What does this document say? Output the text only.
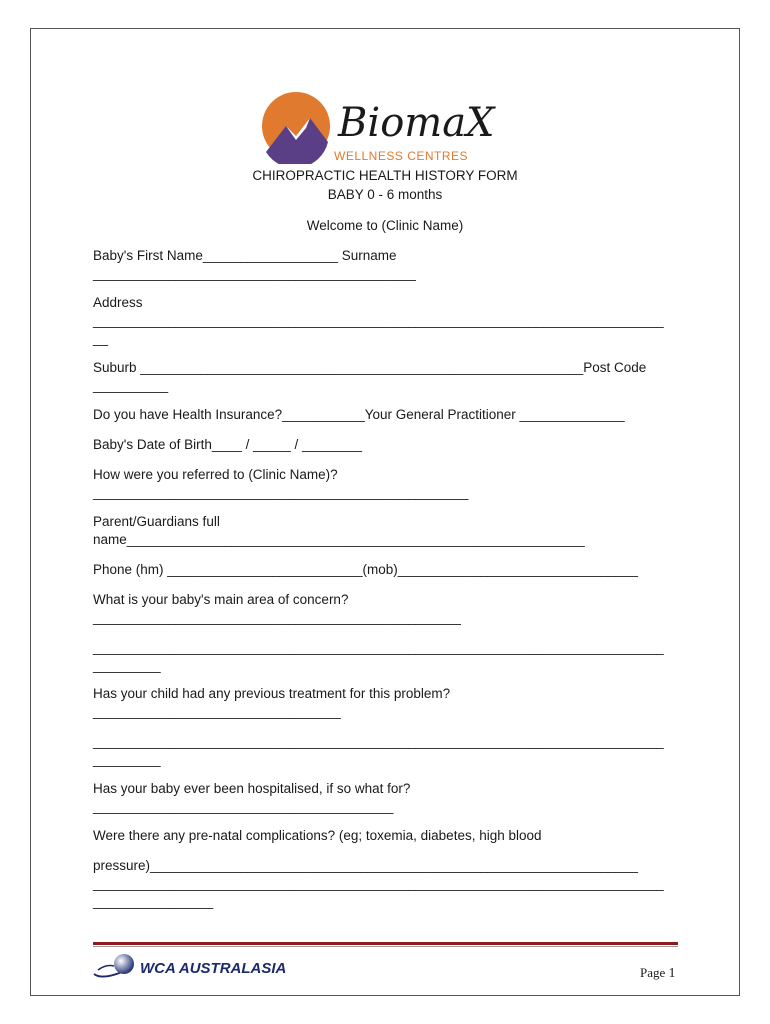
BiomaX
WELLNESS CENTRES
CHIROPRACTIC HEALTH HISTORY FORM
BABY 0 - 6 months
Welcome to (Clinic Name)
Baby's First Name__________________ Surname
___________________________________________
Address
____________________________________________________________________________
__
Suburb ___________________________________________________________Post Code
__________
Do you have Health Insurance?___________Your General Practitioner ______________
Baby's Date of Birth____ / _____ / ________
How were you referred to (Clinic Name)?
__________________________________________________
Parent/Guardians full
name_____________________________________________________________
Phone (hm) __________________________(mob)________________________________
What is your baby's main area of concern?
_________________________________________________
____________________________________________________________________________
_________
Has your child had any previous treatment for this problem?
_________________________________
____________________________________________________________________________
_________
Has your baby ever been hospitalised, if so what for?
________________________________________
Were there any pre-natal complications? (eg; toxemia, diabetes, high blood
pressure)_________________________________________________________________
____________________________________________________________________________
________________
WCA AUSTRALASIA	Page 1
